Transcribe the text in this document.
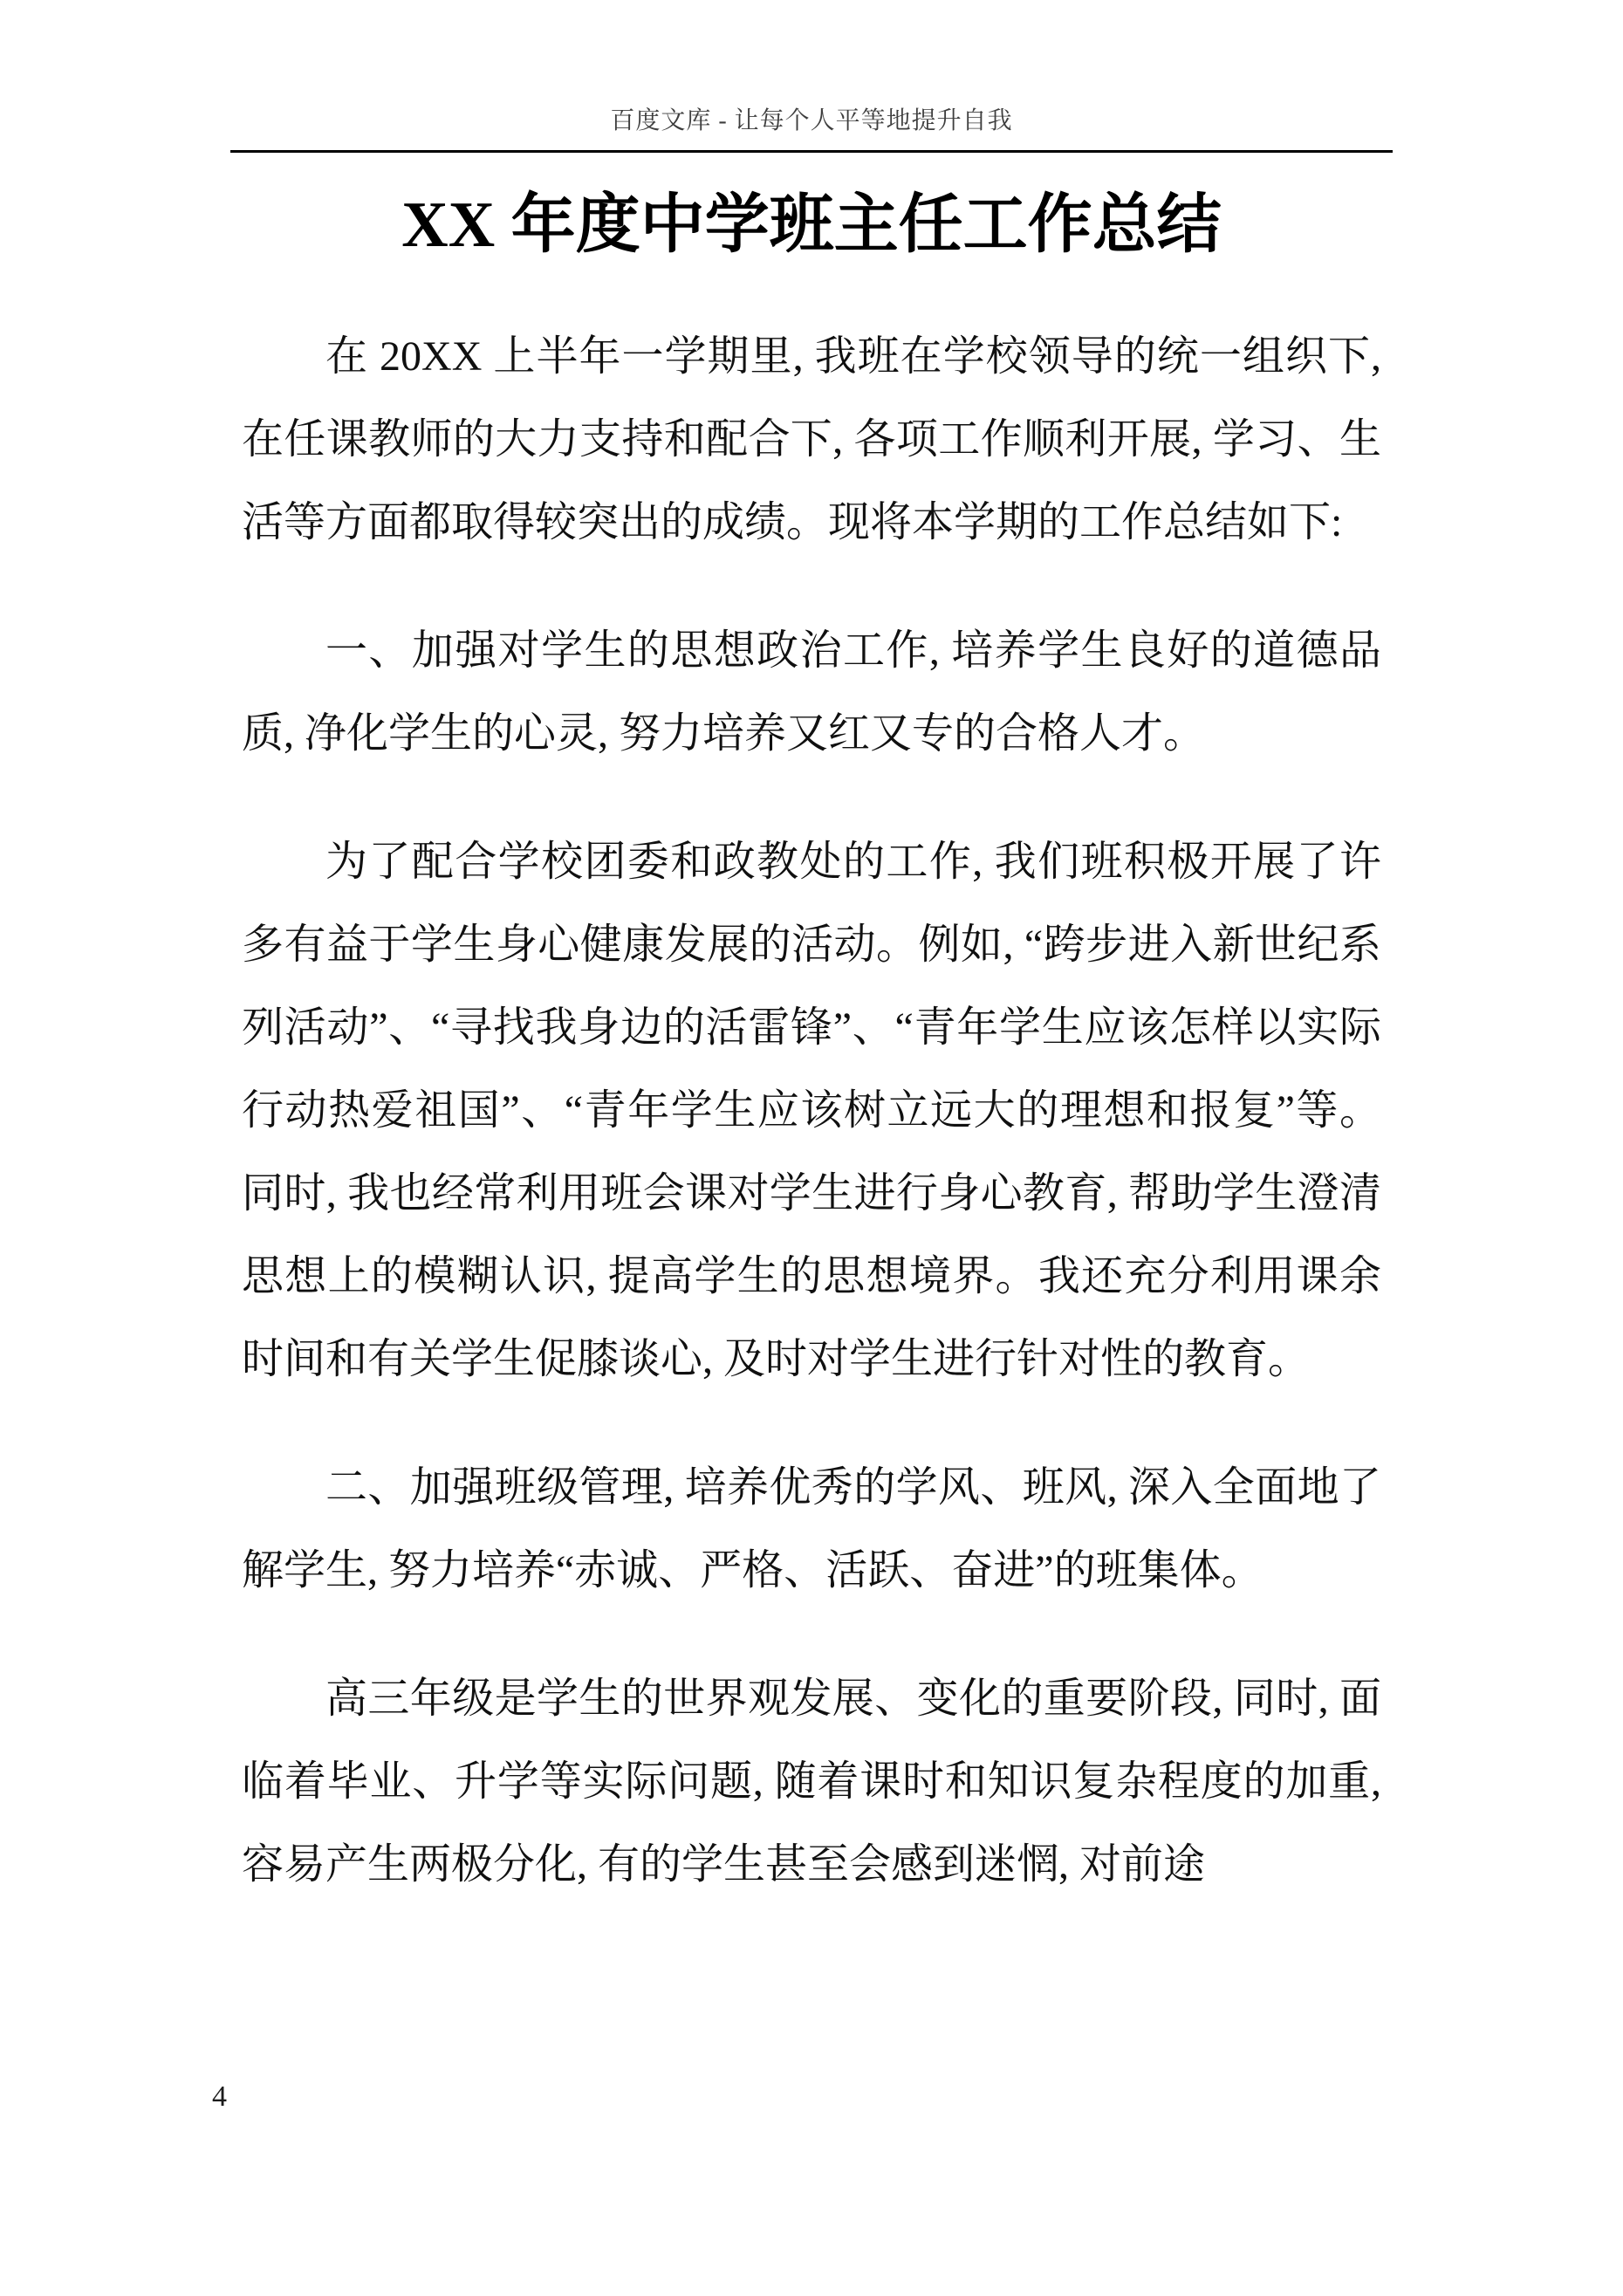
百度文库 - 让每个人平等地提升自我
XX 年度中学班主任工作总结

在 20XX 上半年一学期里, 我班在学校领导的统一组织下, 在任课教师的大力支持和配合下, 各项工作顺利开展, 学习、生活等方面都取得较突出的成绩。现将本学期的工作总结如下:

一、加强对学生的思想政治工作, 培养学生良好的道德品质, 净化学生的心灵, 努力培养又红又专的合格人才。

为了配合学校团委和政教处的工作, 我们班积极开展了许多有益于学生身心健康发展的活动。例如, “跨步进入新世纪系列活动”、“寻找我身边的活雷锋”、“青年学生应该怎样以实际行动热爱祖国”、“青年学生应该树立远大的理想和报复”等。同时, 我也经常利用班会课对学生进行身心教育, 帮助学生澄清思想上的模糊认识, 提高学生的思想境界。我还充分利用课余时间和有关学生促膝谈心, 及时对学生进行针对性的教育。

二、加强班级管理, 培养优秀的学风、班风, 深入全面地了解学生, 努力培养“赤诚、严格、活跃、奋进”的班集体。

高三年级是学生的世界观发展、变化的重要阶段, 同时, 面临着毕业、升学等实际问题, 随着课时和知识复杂程度的加重, 容易产生两极分化, 有的学生甚至会感到迷惘, 对前途

4
